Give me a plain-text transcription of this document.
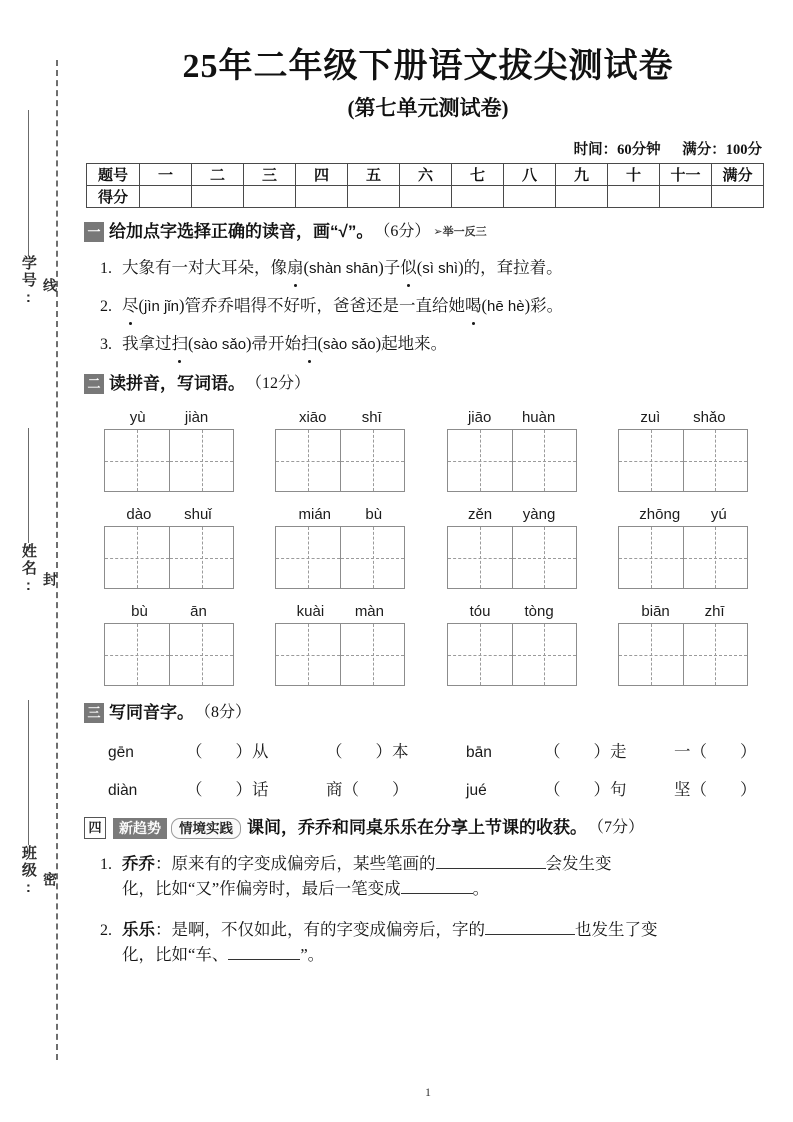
学号: 线
姓名: 封
班级: 密
25年二年级下册语文拔尖测试卷
(第七单元测试卷)
时间：60分钟 满分：100分
题号	一	二	三	四	五	六	七	八	九	十	十一	满分
得分												
一 给加点字选择正确的读音，画“√”。 （6分） ➢举一反三
1. 大象有一对大耳朵，像扇(shàn shān)子似(sì shì)的，耷拉着。
2. 尽(jìn jǐn)管乔乔唱得不好听，爸爸还是一直给她喝(hē hè)彩。
3. 我拿过扫(sào sǎo)帚开始扫(sào sǎo)起地来。
二 读拼音，写词语。 （12分）
yù	jiàn	xiāo shī	jiāo huàn	zuì shǎo
dào shuǐ	mián bù	zěn yàng	zhōng yú
bù	ān	kuài màn	tóu tòng	biān zhī
三 写同音字。 （8分）
gēn	（　　）从	（　　）本	bān	（　　）走	一（　　）
diàn	（　　）话	商（　　）	jué	（　　）句	坚（　　）
四	新趋势	情境实践 课间，乔乔和同桌乐乐在分享上节课的收获。 （7分）
1. 乔乔：原来有的字变成偏旁后，某些笔画的	会发生变
化，比如“又”作偏旁时，最后一笔变成	。
2. 乐乐：是啊，不仅如此，有的字变成偏旁后，字的	也发生了变
化，比如“车、	”。
1
